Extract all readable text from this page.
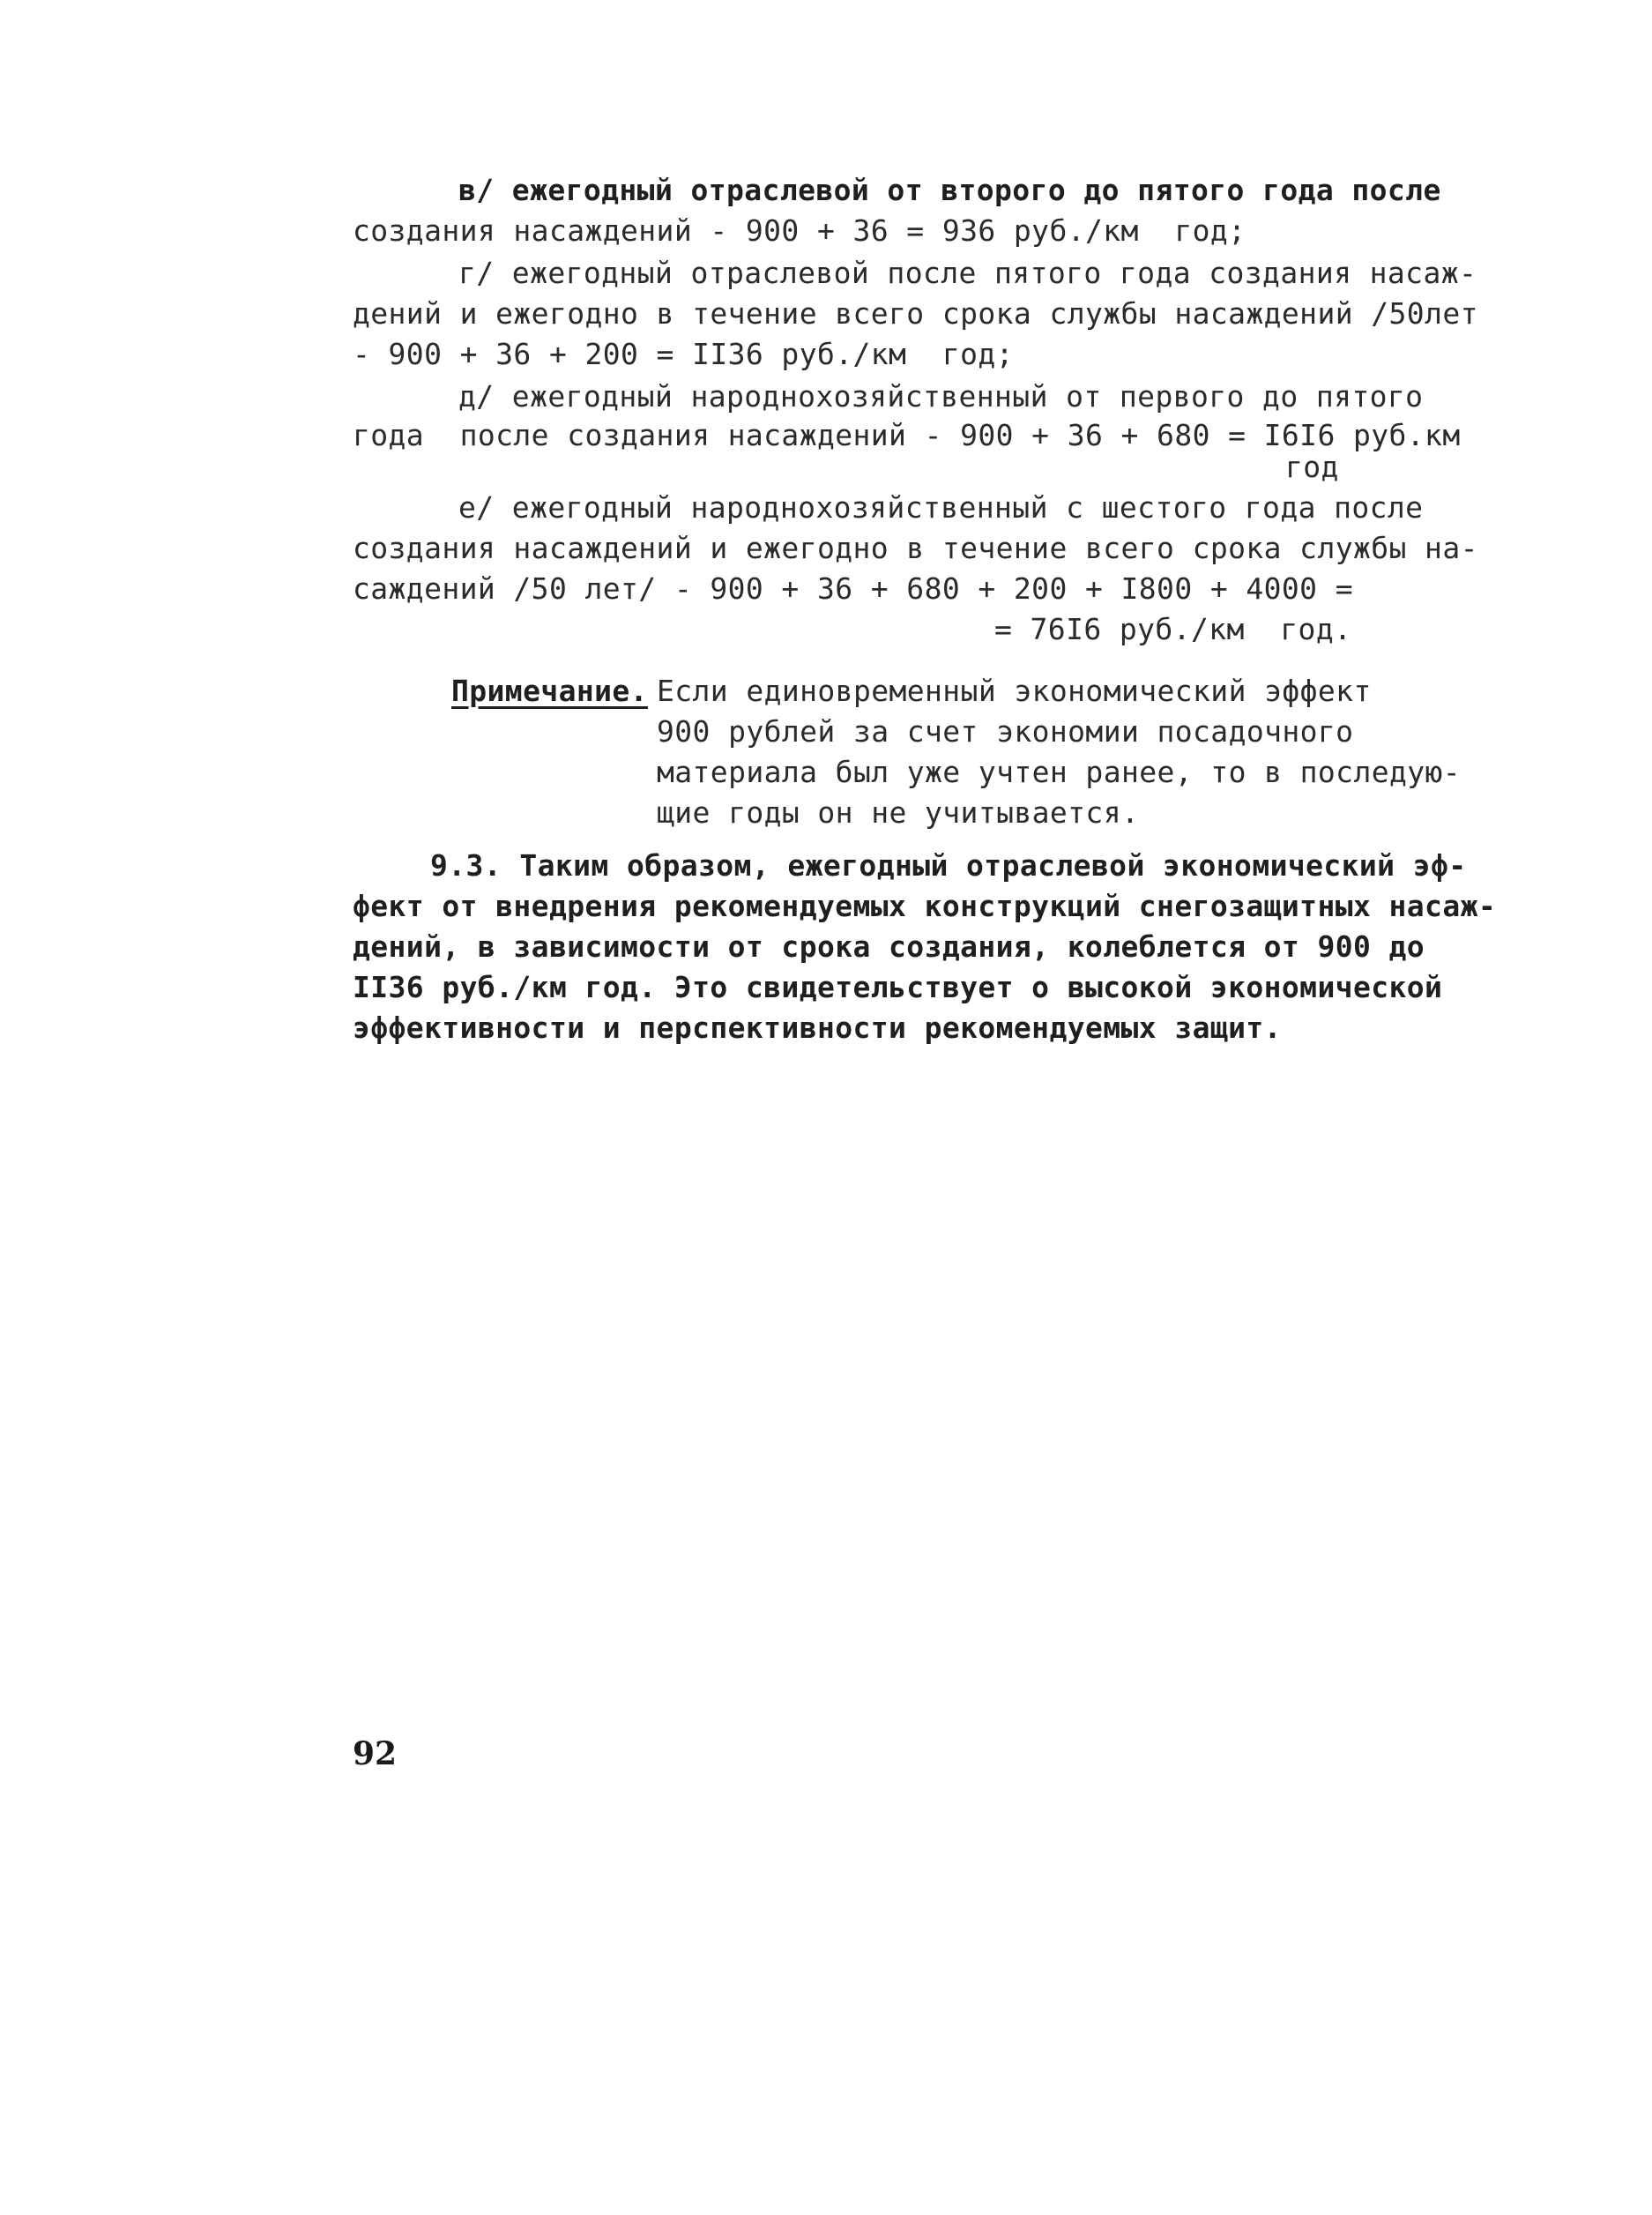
в/ ежегодный отраслевой от второго до пятого года после
создания насаждений - 900 + 36 = 936 руб./км  год;
г/ ежегодный отраслевой после пятого года создания насаж-
дений и ежегодно в течение всего срока службы насаждений /50лет
- 900 + 36 + 200 = II36 руб./км  год;
д/ ежегодный народнохозяйственный от первого до пятого
года  после создания насаждений - 900 + 36 + 680 = I6I6 руб.км
год
е/ ежегодный народнохозяйственный с шестого года после
создания насаждений и ежегодно в течение всего срока службы на-
саждений /50 лет/ - 900 + 36 + 680 + 200 + I800 + 4000 =
= 76I6 руб./км  год.
Примечание. Если единовременный экономический эффект
900 рублей за счет экономии посадочного
материала был уже учтен ранее, то в последую-
щие годы он не учитывается.
9.3. Таким образом, ежегодный отраслевой экономический эф-
фект от внедрения рекомендуемых конструкций снегозащитных насаж-
дений, в зависимости от срока создания, колеблется от 900 до
II36 руб./км год. Это свидетельствует о высокой экономической
эффективности и перспективности рекомендуемых защит.
92
